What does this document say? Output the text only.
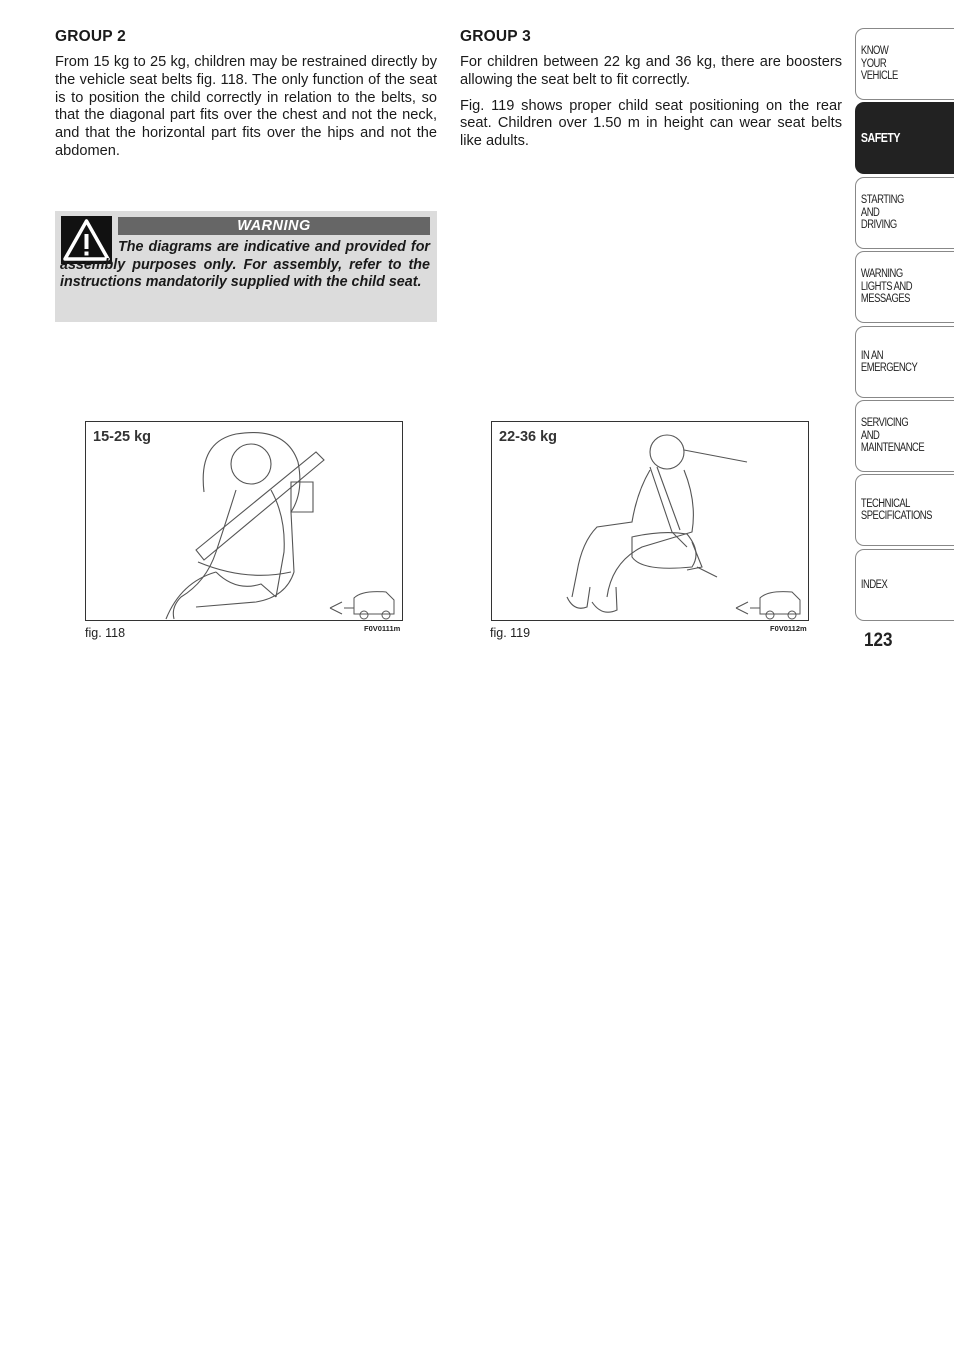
GROUP 2

From 15 kg to 25 kg, children may be restrained directly by the vehicle seat belts fig. 118. The only function of the seat is to position the child correctly in relation to the belts, so that the diagonal part fits over the chest and not the neck, and that the horizontal part fits over the hips and not the abdomen.

GROUP 3

For children between 22 kg and 36 kg, there are boosters allowing the seat belt to fit correctly.

Fig. 119 shows proper child seat positioning on the rear seat. Children over 1.50 m in height can wear seat belts like adults.

WARNING
The diagrams are indicative and provided for assembly purposes only. For assembly, refer to the instructions mandatorily supplied with the child seat.
15-25 kg	22-36 kg
fig. 118	F0V0111m	fig. 119	F0V0112m
KNOW
YOUR
VEHICLE
SAFETY
STARTING
AND
DRIVING
WARNING
LIGHTS AND
MESSAGES
IN AN
EMERGENCY
SERVICING
AND
MAINTENANCE
TECHNICAL
SPECIFICATIONS
INDEX
123
